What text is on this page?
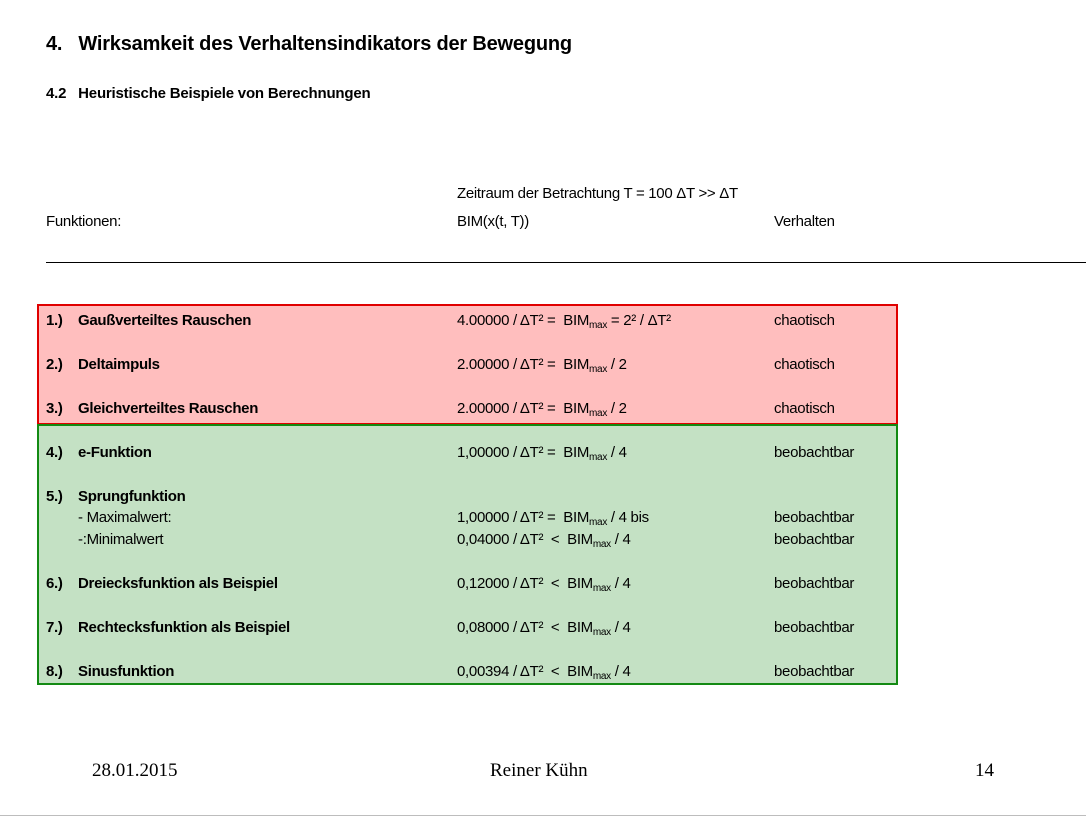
4. Wirksamkeit des Verhaltensindikators der Bewegung
4.2 Heuristische Beispiele von Berechnungen
Zeitraum der Betrachtung T = 100 ΔT >> ΔT
Funktionen:	BIM(x(t, T))	Verhalten
1.) Gaußverteiltes Rauschen	$4.00000 / \Delta T^2 = BIM_{max} = 2^2 / \Delta T^2$	chaotisch
2.) Deltaimpuls	$2.00000 / \Delta T^2 = BIM_{max} / 2$	chaotisch
3.) Gleichverteiltes Rauschen	$2.00000 / \Delta T^2 = BIM_{max} / 2$	chaotisch
4.) e-Funktion	$1,00000 / \Delta T^2 = BIM_{max} / 4$	beobachtbar
5.) Sprungfunktion
- Maximalwert:	$1,00000 / \Delta T^2 = BIM_{max} / 4$ bis	beobachtbar
-:Minimalwert	$0,04000 / \Delta T^2 < BIM_{max} / 4$	beobachtbar
6.) Dreiecksfunktion als Beispiel	$0,12000 / \Delta T^2 < BIM_{max} / 4$	beobachtbar
7.) Rechtecksfunktion als Beispiel	$0,08000 / \Delta T^2 < BIM_{max} / 4$	beobachtbar
8.) Sinusfunktion	$0,00394 / \Delta T^2 < BIM_{max} / 4$	beobachtbar
28.01.2015	Reiner Kühn	14
